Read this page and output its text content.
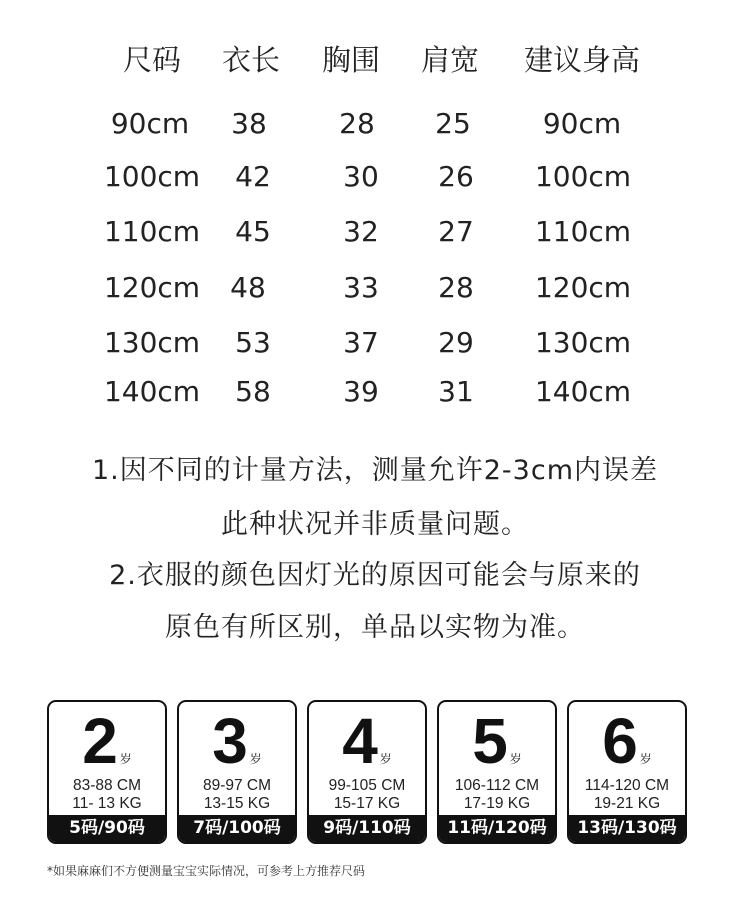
尺码 衣长 胸围 肩宽 建议身高
90cm 38	28 25	90cm
100cm 42	30 26 100cm
110cm 45	32 27 110cm
120cm 48	33 28 120cm
130cm 53	37 29 130cm
140cm 58	39 31 140cm
1.因不同的计量方法，测量允许2-3cm内误差
此种状况并非质量问题。
2.衣服的颜色因灯光的原因可能会与原来的
原色有所区别，单品以实物为准。
2 岁
83-88 CM
11- 13 KG
5码/90码
3 岁
89-97 CM
13-15 KG
7码/100码
4 岁
99-105 CM
15-17 KG
9码/110码
5 岁
106-112 CM
17-19 KG
11码/120码
6 岁
114-120 CM
19-21 KG
13码/130码
*如果麻麻们不方便测量宝宝实际情况，可参考上方推荐尺码
